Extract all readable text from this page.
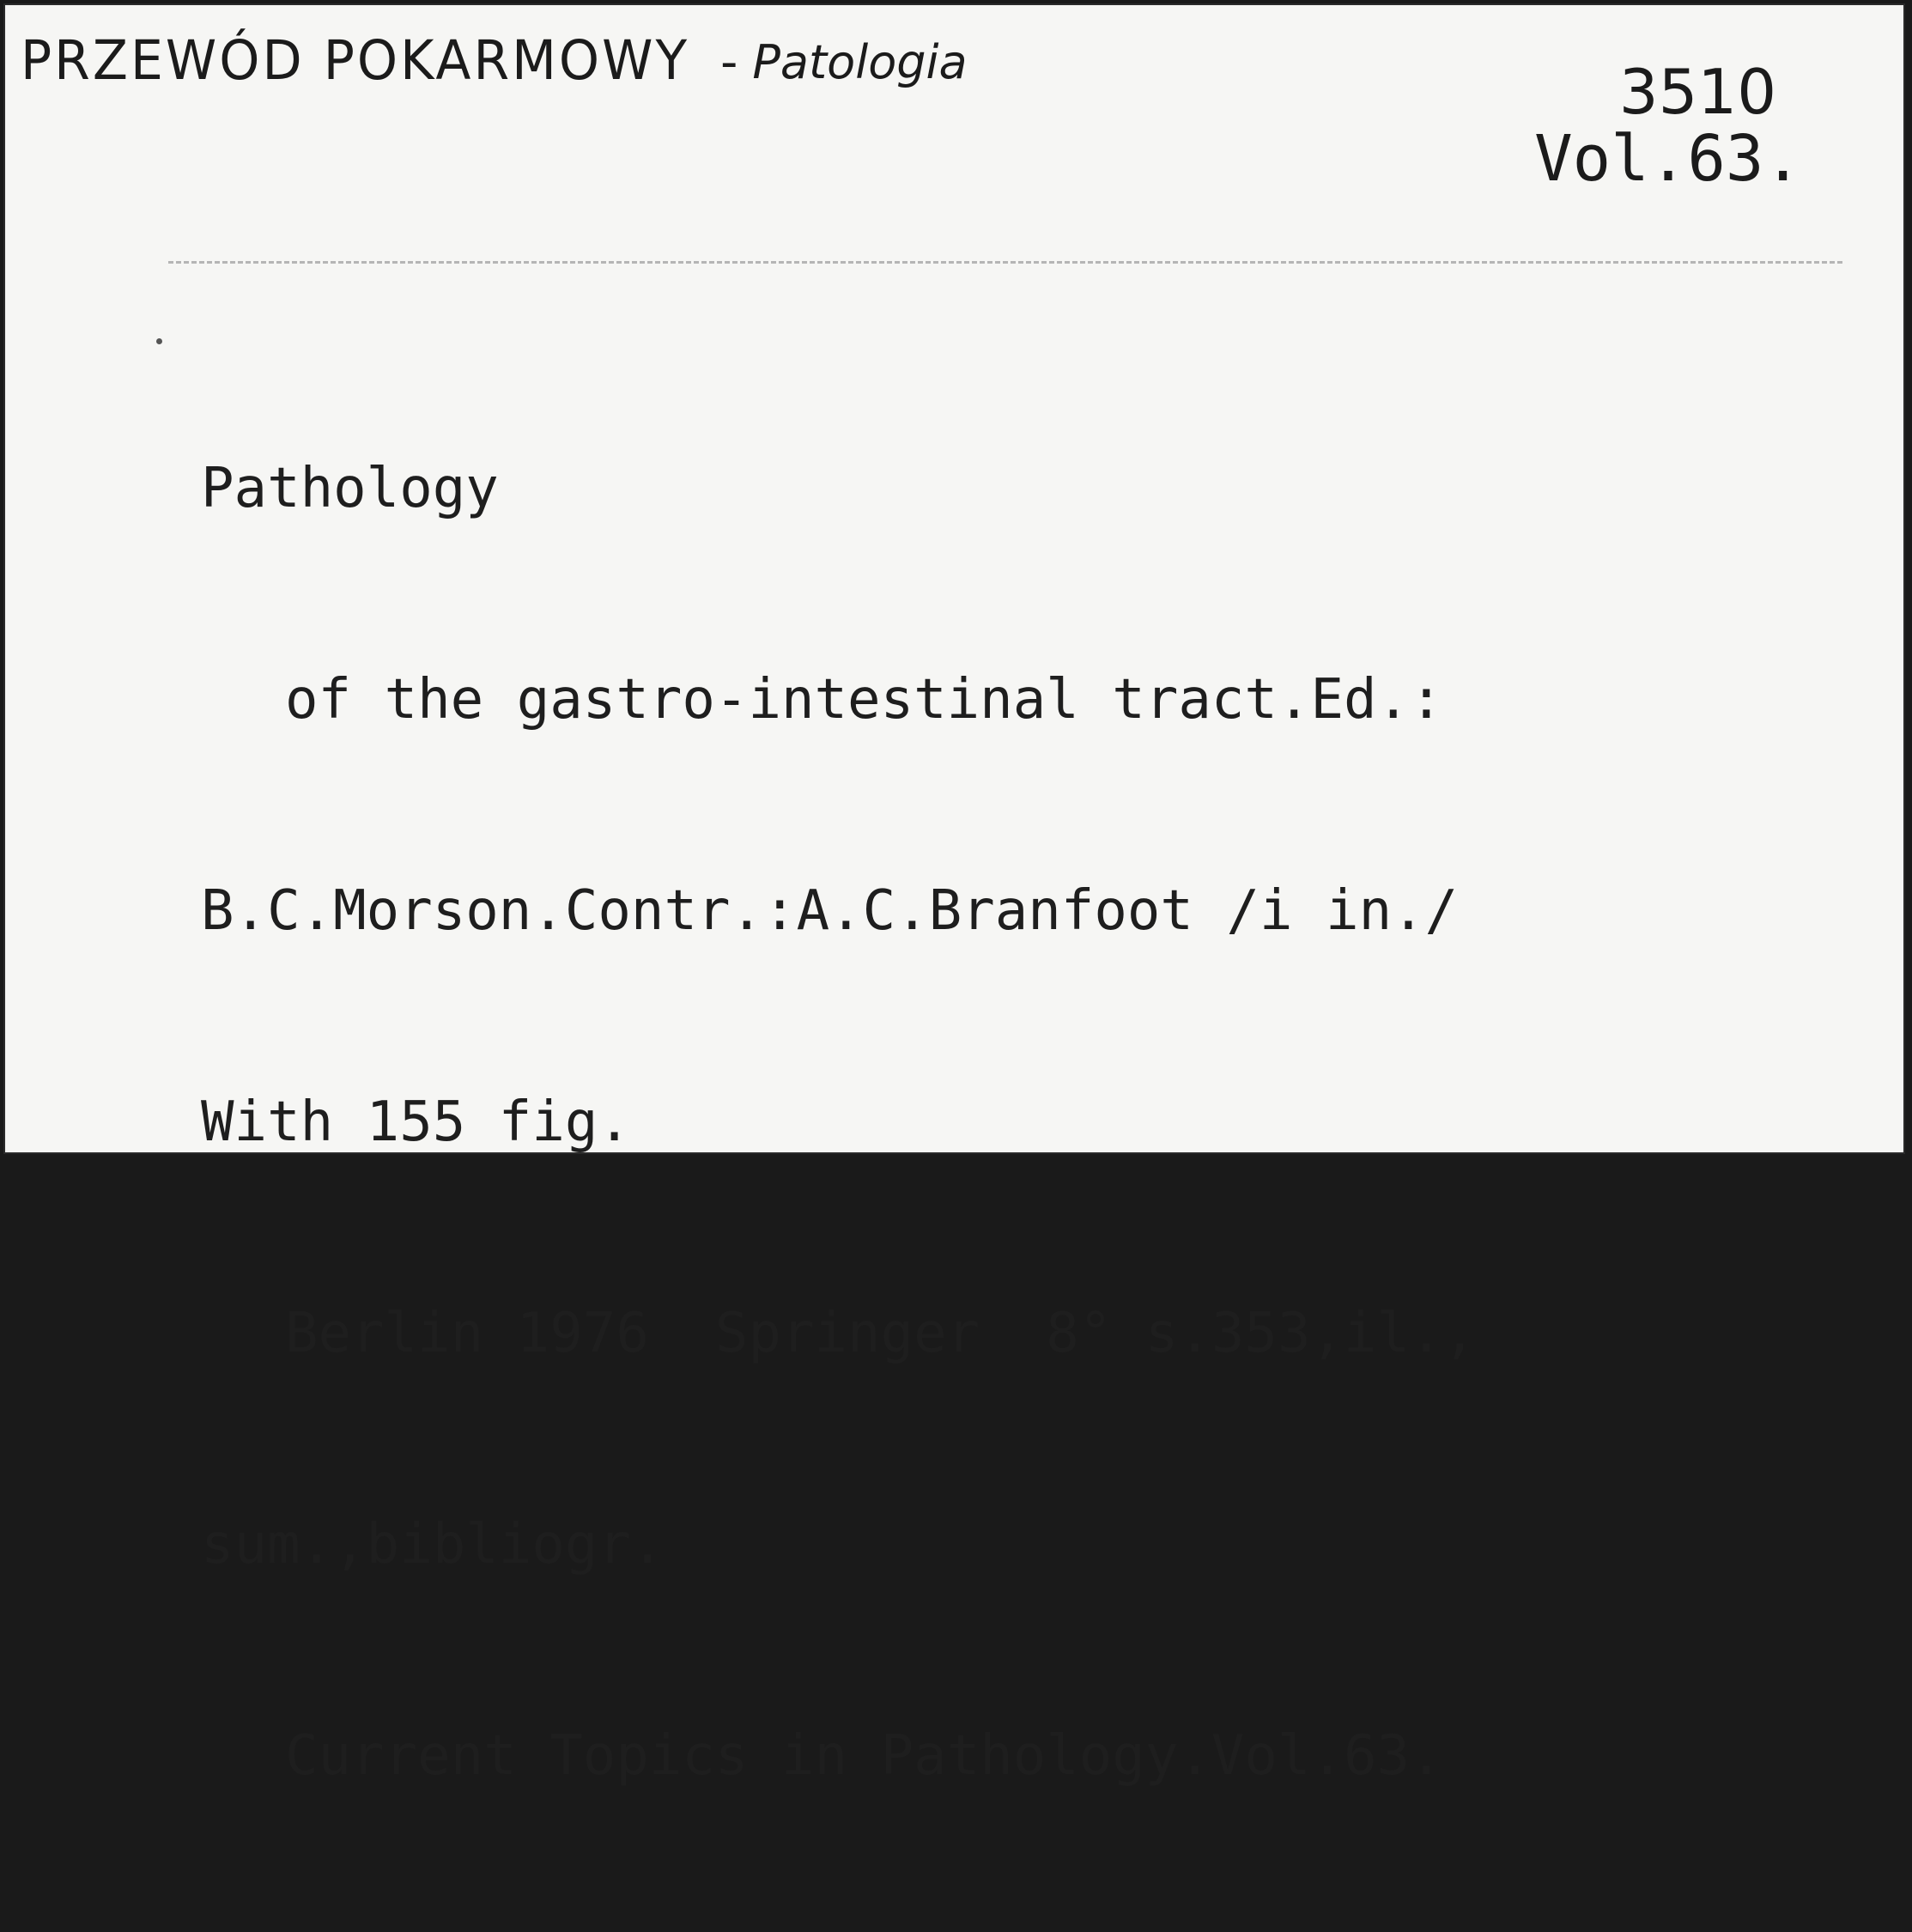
PRZEWÓD POKARMOWY - Patologia	3510
Vol.63.

Pathology

of the gastro-intestinal tract.Ed.:

B.C.Morson.Contr.:A.C.Branfoot /i in./

With 155 fig.

Berlin 1976  Springer  8° s.353,il.,

sum.,bibliogr.

Current Topics in Pathology.Vol.63.
